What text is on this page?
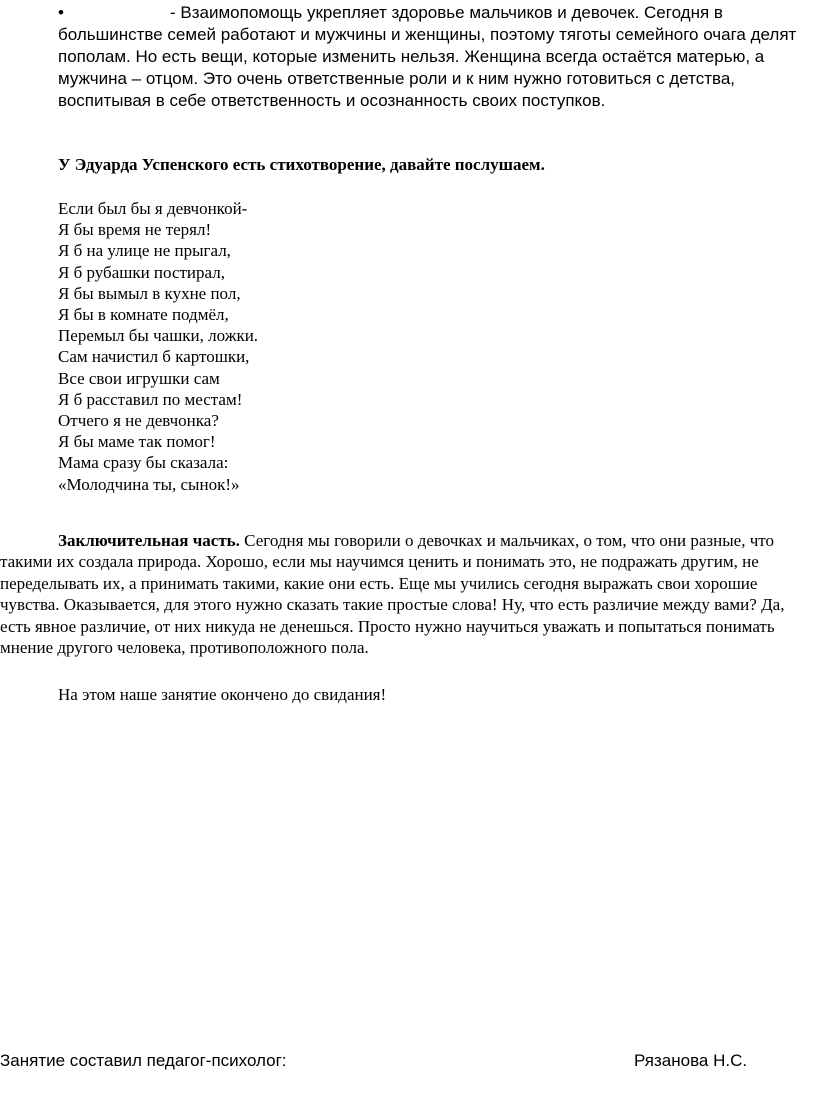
•	- Взаимопомощь укрепляет здоровье мальчиков и девочек. Сегодня в большинстве семей работают и мужчины и женщины, поэтому тяготы семейного очага делят пополам. Но есть вещи, которые изменить нельзя. Женщина всегда остаётся матерью, а мужчина – отцом. Это очень ответственные роли и к ним нужно готовиться с детства, воспитывая в себе ответственность и осознанность своих поступков.

У Эдуарда Успенского есть стихотворение, давайте послушаем.

Если был бы я девчонкой-
Я бы время не терял!
Я б на улице не прыгал,
Я б рубашки постирал,
Я бы вымыл в кухне пол,
Я бы в комнате подмёл,
Перемыл бы чашки, ложки.
Сам начистил б картошки,
Все свои игрушки сам
Я б расставил по местам!
Отчего я не девчонка?
Я бы маме так помог!
Мама сразу бы сказала:
«Молодчина ты, сынок!»

Заключительная часть. Сегодня мы говорили о девочках и мальчиках, о том, что они разные, что такими их создала природа. Хорошо, если мы научимся ценить и понимать это, не подражать другим, не переделывать их, а принимать такими, какие они есть. Еще мы учились сегодня выражать свои хорошие чувства. Оказывается, для этого нужно сказать такие простые слова! Ну, что есть различие между вами? Да, есть явное различие, от них никуда не денешься. Просто нужно научиться уважать и попытаться понимать мнение другого человека, противоположного пола.

На этом наше занятие окончено до свидания!

Занятие составил педагог-психолог:	Рязанова Н.С.
